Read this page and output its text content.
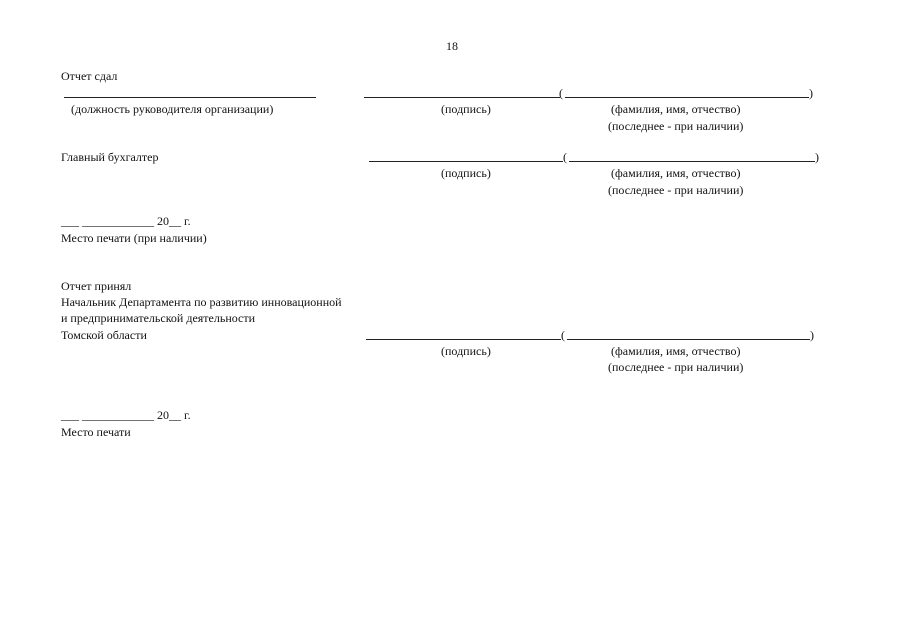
18
Отчет сдал
(	)
(должность руководителя организации)	(подпись)	(фамилия, имя, отчество)
(последнее - при наличии)
Главный бухгалтер	(	)
(подпись)	(фамилия, имя, отчество)
(последнее - при наличии)
___ ____________ 20__ г.
Место печати (при наличии)
Отчет принял
Начальник Департамента по развитию инновационной
и предпринимательской деятельности
Томской области	(	)
(подпись)	(фамилия, имя, отчество)
(последнее - при наличии)
___ ____________ 20__ г.
Место печати
